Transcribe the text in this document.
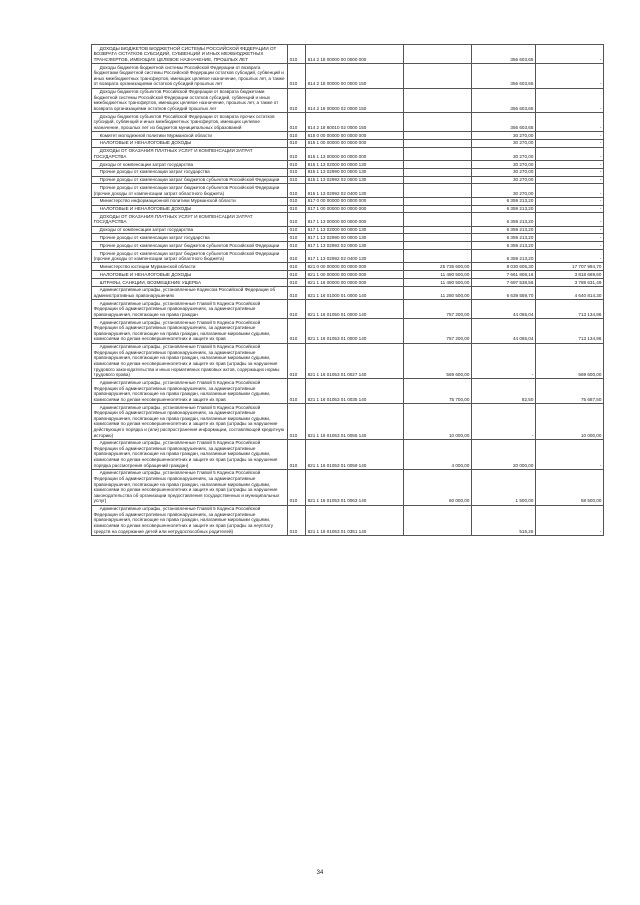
ДОХОДЫ БЮДЖЕТОВ БЮДЖЕТНОЙ СИСТЕМЫ РОССИЙСКОЙ ФЕДЕРАЦИИ ОТ ВОЗВРАТА ОСТАТКОВ СУБСИДИЙ, СУБВЕНЦИЙ И ИНЫХ МЕЖБЮДЖЕТНЫХ ТРАНСФЕРТОВ, ИМЕЮЩИХ ЦЕЛЕВОЕ НАЗНАЧЕНИЕ, ПРОШЛЫХ ЛЕТ	010	814 2 18 00000 00 0000 000		356 603,65	-
Доходы бюджетов бюджетной системы Российской Федерации от возврата бюджетами бюджетной системы Российской Федерации остатков субсидий, субвенций и иных межбюджетных трансфертов, имеющих целевое назначение, прошлых лет, а также от возврата организациями остатков субсидий прошлых лет	010	814 2 18 00000 00 0000 150		356 603,65	-
Доходы бюджетов субъектов Российской Федерации от возврата бюджетами бюджетной системы Российской Федерации остатков субсидий, субвенций и иных межбюджетных трансфертов, имеющих целевое назначение, прошлых лет, а также от возврата организациями остатков субсидий прошлых лет	010	814 2 18 00000 02 0000 150		356 603,65	-
Доходы бюджетов субъектов Российской Федерации от возврата прочих остатков субсидий, субвенций и иных межбюджетных трансфертов, имеющих целевое назначение, прошлых лет из бюджетов муниципальных образований	010	814 2 18 60010 02 0000 150		356 603,65	-
Комитет молодежной политики Мурманской области	010	815 0 00 00000 00 0000 000		30 270,00	-
НАЛОГОВЫЕ И НЕНАЛОГОВЫЕ ДОХОДЫ	010	815 1 00 00000 00 0000 000		30 270,00	-
ДОХОДЫ ОТ ОКАЗАНИЯ ПЛАТНЫХ УСЛУГ И КОМПЕНСАЦИИ ЗАТРАТ ГОСУДАРСТВА	010	815 1 13 00000 00 0000 000		30 270,00	-
Доходы от компенсации затрат государства	010	815 1 13 02000 00 0000 130		30 270,00	-
Прочие доходы от компенсации затрат государства	010	815 1 13 02990 00 0000 130		30 270,00	-
Прочие доходы от компенсации затрат бюджетов субъектов Российской Федерации	010	815 1 13 02992 02 0000 130		30 270,00	-
Прочие доходы от компенсации затрат бюджетов субъектов Российской Федерации (прочие доходы от компенсации затрат областного бюджета)	010	815 1 13 02992 02 0400 130		30 270,00	-
Министерство информационной политики Мурманской области	010	817 0 00 00000 00 0000 000		6 359 213,20	-
НАЛОГОВЫЕ И НЕНАЛОГОВЫЕ ДОХОДЫ	010	817 1 00 00000 00 0000 000		6 359 213,20	-
ДОХОДЫ ОТ ОКАЗАНИЯ ПЛАТНЫХ УСЛУГ И КОМПЕНСАЦИИ ЗАТРАТ ГОСУДАРСТВА	010	817 1 13 00000 00 0000 000		6 359 213,20	-
Доходы от компенсации затрат государства	010	817 1 13 02000 00 0000 130		6 359 213,20	-
Прочие доходы от компенсации затрат государства	010	817 1 13 02990 00 0000 130		6 359 213,20	-
Прочие доходы от компенсации затрат бюджетов субъектов Российской Федерации	010	817 1 13 02992 02 0000 130		6 359 213,20	-
Прочие доходы от компенсации затрат бюджетов субъектов Российской Федерации (прочие доходы от компенсации затрат областного бюджета)	010	817 1 13 02992 02 0400 130		6 359 213,20	-
Министерство юстиции Мурманской области	010	821 0 00 00000 00 0000 000	25 735 600,00	8 030 605,30	17 707 994,70
НАЛОГОВЫЕ И НЕНАЛОГОВЫЕ ДОХОДЫ	010	821 1 00 00000 00 0000 000	11 480 500,00	7 661 808,16	3 818 689,60
ШТРАФЫ, САНКЦИИ, ВОЗМЕЩЕНИЕ УЩЕРБА	010	821 1 16 00000 00 0000 000	11 480 500,00	7 697 538,56	3 788 631,49
Административные штрафы, установленные Кодексом Российской Федерации об административных правонарушениях	010	821 1 16 01000 01 0000 140	11 280 500,00	6 639 559,70	4 640 814,30
Административные штрафы, установленные Главой 5 Кодекса Российской Федерации об административных правонарушениях, за административные правонарушения, посягающие на права граждан	010	821 1 16 01050 01 0000 140	757 200,00	44 065,04	713 134,96
Административные штрафы, установленные Главой 5 Кодекса Российской Федерации об административных правонарушениях, за административные правонарушения, посягающие на права граждан, налагаемые мировыми судьями, комиссиями по делам несовершеннолетних и защите их прав	010	821 1 16 01053 01 0000 140	757 200,00	44 065,04	713 134,96
Административные штрафы, установленные Главой 5 Кодекса Российской Федерации об административных правонарушениях, за административные правонарушения, посягающие на права граждан, налагаемые мировыми судьями, комиссиями по делам несовершеннолетних и защите их прав (штрафы за нарушение трудового законодательства и иных нормативных правовых актов, содержащих нормы трудового права)	010	821 1 16 01053 01 0027 140	569 600,00	-	569 600,00
Административные штрафы, установленные Главой 5 Кодекса Российской Федерации об административных правонарушениях, за административные правонарушения, посягающие на права граждан, налагаемые мировыми судьями, комиссиями по делам несовершеннолетних и защите их прав	010	821 1 16 01053 01 0035 140	75 700,00	82,50	75 687,50
Административные штрафы, установленные Главой 5 Кодекса Российской Федерации об административных правонарушениях, за административные правонарушения, посягающие на права граждан, налагаемые мировыми судьями, комиссиями по делам несовершеннолетних и защите их прав (штрафы за нарушение действующего порядка и (или) распространения информации, составляющей кредитную историю)	010	821 1 16 01053 01 0055 140	10 000,00	-	10 000,00
Административные штрафы, установленные Главой 5 Кодекса Российской Федерации об административных правонарушениях, за административные правонарушения, посягающие на права граждан, налагаемые мировыми судьями, комиссиями по делам несовершеннолетних и защите их прав (штрафы за нарушение порядка рассмотрения обращений граждан)	010	821 1 16 01053 01 0059 140	4 000,00	20 000,00	-
Административные штрафы, установленные Главой 5 Кодекса Российской Федерации об административных правонарушениях, за административные правонарушения, посягающие на права граждан, налагаемые мировыми судьями, комиссиями по делам несовершеннолетних и защите их прав (штрафы за нарушение законодательства об организации предоставления государственных и муниципальных услуг)	010	821 1 16 01053 01 0063 140	60 000,00	1 500,00	58 500,00
Административные штрафы, установленные Главой 5 Кодекса Российской Федерации об административных правонарушениях, за административные правонарушения, посягающие на права граждан, налагаемые мировыми судьями, комиссиями по делам несовершеннолетних и защите их прав (штрафы за неуплату средств на содержание детей или нетрудоспособных родителей)	010	821 1 16 01053 01 0351 140		515,25	-
34
